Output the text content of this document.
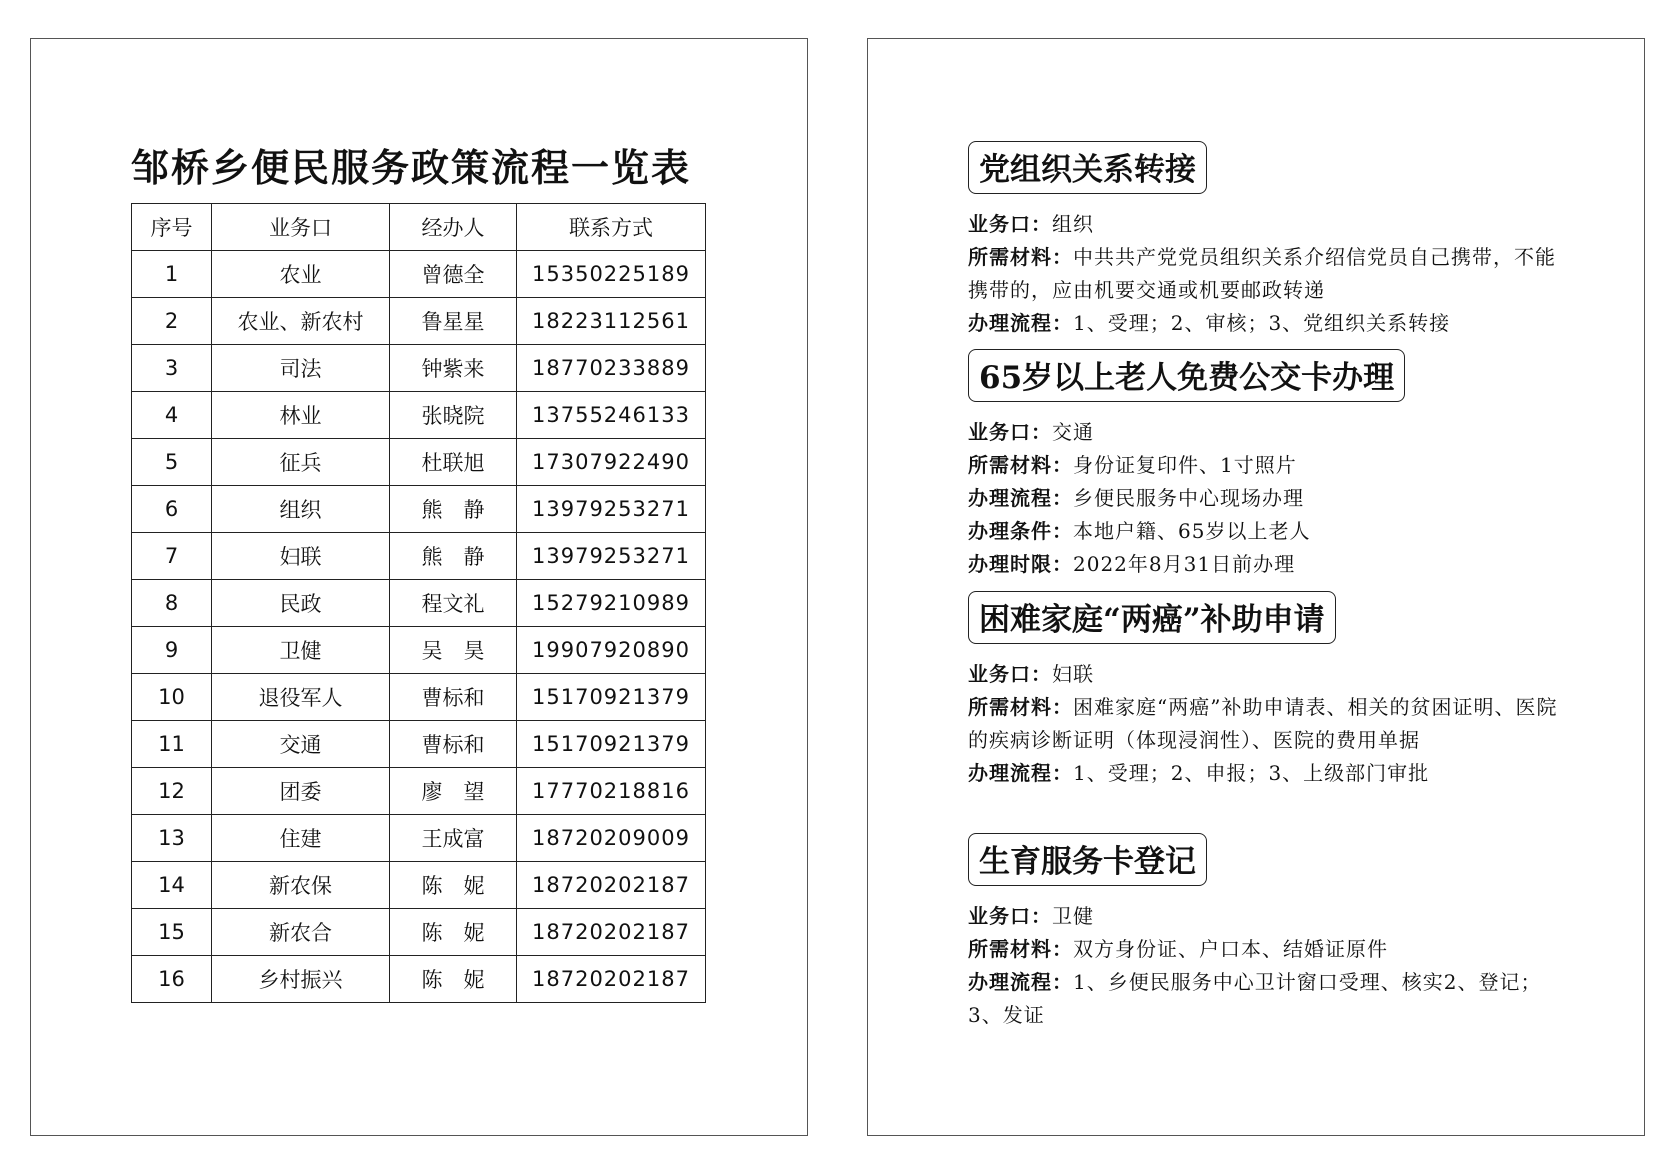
邹桥乡便民服务政策流程一览表
序号	业务口	经办人	联系方式
1	农业	曾德全	15350225189
2	农业、新农村	鲁星星	18223112561
3	司法	钟紫来	18770233889
4	林业	张晓院	13755246133
5	征兵	杜联旭	17307922490
6	组织	熊　静	13979253271
7	妇联	熊　静	13979253271
8	民政	程文礼	15279210989
9	卫健	吴　昊	19907920890
10	退役军人	曹标和	15170921379
11	交通	曹标和	15170921379
12	团委	廖　望	17770218816
13	住建	王成富	18720209009
14	新农保	陈　妮	18720202187
15	新农合	陈　妮	18720202187
16	乡村振兴	陈　妮	18720202187
党组织关系转接
业务口：组织
所需材料：中共共产党党员组织关系介绍信党员自己携带，不能携带的，应由机要交通或机要邮政转递
办理流程：1、受理；2、审核；3、党组织关系转接
65岁以上老人免费公交卡办理
业务口：交通
所需材料：身份证复印件、1寸照片
办理流程：乡便民服务中心现场办理
办理条件：本地户籍、65岁以上老人
办理时限：2022年8月31日前办理
困难家庭“两癌”补助申请
业务口：妇联
所需材料：困难家庭“两癌”补助申请表、相关的贫困证明、医院的疾病诊断证明（体现浸润性）、医院的费用单据
办理流程：1、受理；2、申报；3、上级部门审批
生育服务卡登记
业务口：卫健
所需材料：双方身份证、户口本、结婚证原件
办理流程：1、乡便民服务中心卫计窗口受理、核实2、登记；3、发证
